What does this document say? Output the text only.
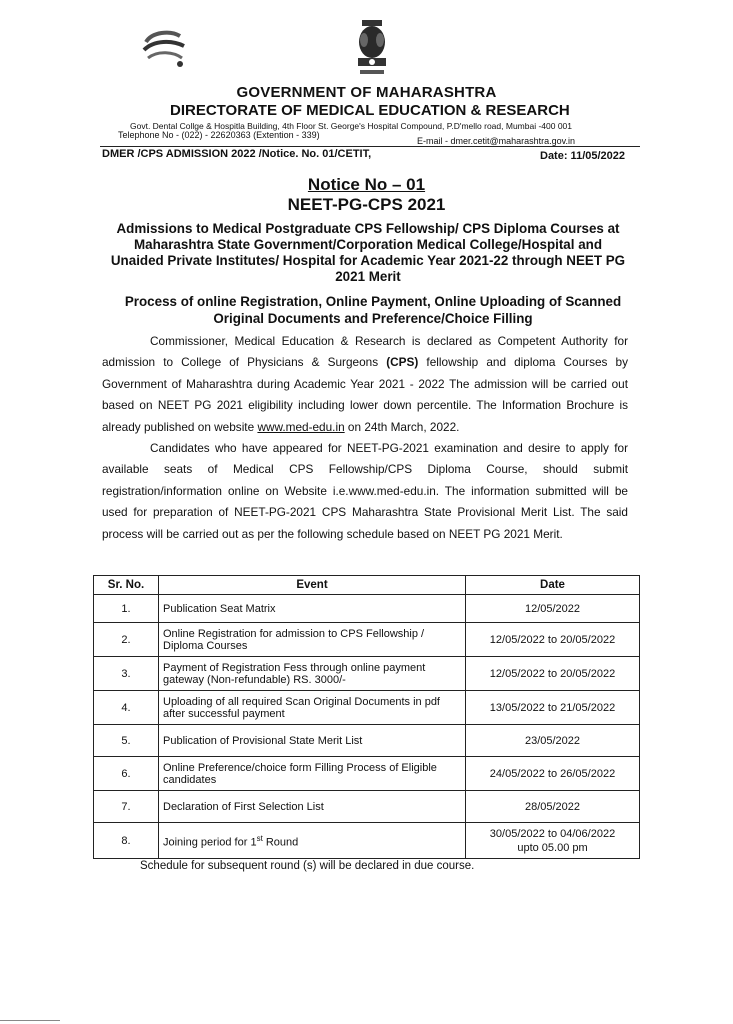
GOVERNMENT OF MAHARASHTRA
DIRECTORATE OF MEDICAL EDUCATION & RESEARCH
Govt. Dental Collge & Hospitla Building, 4th Floor St. George's Hospital Compound, P.D'mello road, Mumbai -400 001
Telephone No - (022) - 22620363 (Extention - 339)
E-mail - dmer.cetit@maharashtra.gov.in
DMER /CPS ADMISSION 2022 /Notice. No. 01/CETIT,	Date: 11/05/2022
Notice No – 01
NEET-PG-CPS 2021
Admissions to Medical Postgraduate CPS Fellowship/ CPS Diploma Courses at Maharashtra State Government/Corporation Medical College/Hospital and Unaided Private Institutes/ Hospital for Academic Year 2021-22 through NEET PG 2021 Merit
Process of online Registration, Online Payment, Online Uploading of Scanned Original Documents and Preference/Choice Filling
Commissioner, Medical Education & Research is declared as Competent Authority for admission to College of Physicians & Surgeons (CPS) fellowship and diploma Courses by Government of Maharashtra during Academic Year 2021 - 2022 The admission will be carried out based on NEET PG 2021 eligibility including lower down percentile. The Information Brochure is already published on website www.med-edu.in on 24th March, 2022.
Candidates who have appeared for NEET-PG-2021 examination and desire to apply for available seats of Medical CPS Fellowship/CPS Diploma Course, should submit registration/information online on Website i.e.www.med-edu.in. The information submitted will be used for preparation of NEET-PG-2021 CPS Maharashtra State Provisional Merit List. The said process will be carried out as per the following schedule based on NEET PG 2021 Merit.
Sr. No.	Event	Date
1.	Publication Seat Matrix	12/05/2022
2.	Online Registration for admission to CPS Fellowship / Diploma Courses	12/05/2022 to 20/05/2022
3.	Payment of Registration Fess through online payment gateway (Non-refundable) RS. 3000/-	12/05/2022 to 20/05/2022
4.	Uploading of all required Scan Original Documents in pdf after successful payment	13/05/2022 to 21/05/2022
5.	Publication of Provisional State Merit List	23/05/2022
6.	Online Preference/choice form Filling Process of Eligible candidates	24/05/2022 to 26/05/2022
7.	Declaration of First Selection List	28/05/2022
8.	Joining period for 1st Round	30/05/2022 to 04/06/2022
upto 05.00 pm
Schedule for subsequent round (s) will be declared in due course.
